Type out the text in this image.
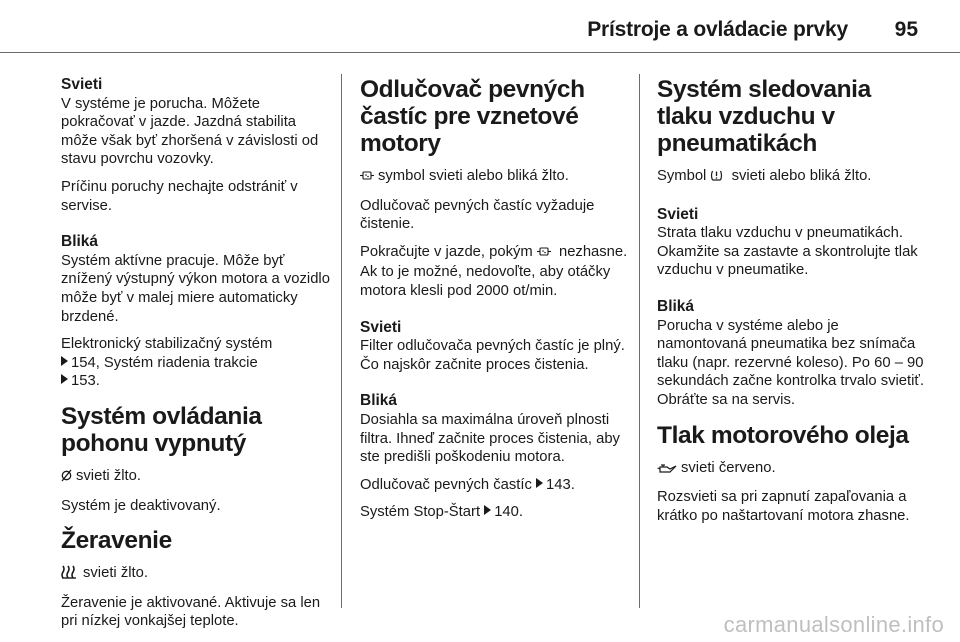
Prístroje a ovládacie prvky 95
Svieti

V systéme je porucha. Môžete pokračovať v jazde. Jazdná stabilita môže však byť zhoršená v závislosti od stavu povrchu vozovky.

Príčinu poruchy nechajte odstrániť v servise.

Bliká

Systém aktívne pracuje. Môže byť znížený výstupný výkon motora a vozidlo môže byť v malej miere automaticky brzdené.

Elektronický stabilizačný systém
154, Systém riadenia trakcie
153.

Systém ovládania pohonu vypnutý

svieti žlto.

Systém je deaktivovaný.

Žeravenie

svieti žlto.

Žeravenie je aktivované. Aktivuje sa len pri nízkej vonkajšej teplote.

Odlučovač pevných častíc pre vznetové motory

symbol svieti alebo bliká žlto.

Odlučovač pevných častíc vyžaduje čistenie.

Pokračujte v jazde, pokým nezhasne. Ak to je možné, nedovoľte, aby otáčky motora klesli pod 2000 ot/min.

Svieti

Filter odlučovača pevných častíc je plný. Čo najskôr začnite proces čistenia.

Bliká

Dosiahla sa maximálna úroveň plnosti filtra. Ihneď začnite proces čistenia, aby ste predišli poškodeniu motora.

Odlučovač pevných častíc 143.

Systém Stop-Štart 140.

Systém sledovania tlaku vzduchu v pneumatikách

Symbol svieti alebo bliká žlto.

Svieti

Strata tlaku vzduchu v pneumatikách. Okamžite sa zastavte a skontrolujte tlak vzduchu v pneumatike.

Bliká

Porucha v systéme alebo je namontovaná pneumatika bez snímača tlaku (napr. rezervné koleso). Po 60 – 90 sekundách začne kontrolka trvalo svietiť. Obráťte sa na servis.

Tlak motorového oleja

svieti červeno.

Rozsvieti sa pri zapnutí zapaľovania a krátko po naštartovaní motora zhasne.

carmanualsonline.info
